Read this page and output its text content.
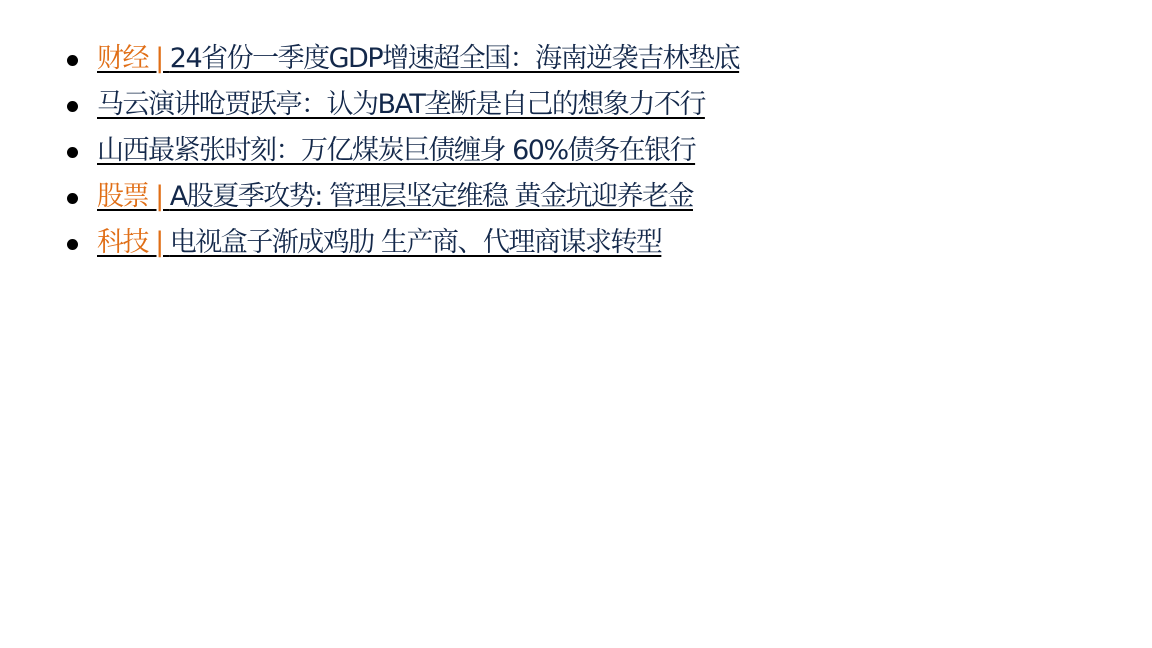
财经 | 24省份一季度GDP增速超全国：海南逆袭吉林垫底
马云演讲呛贾跃亭：认为BAT垄断是自己的想象力不行
山西最紧张时刻：万亿煤炭巨债缠身 60%债务在银行
股票 | A股夏季攻势: 管理层坚定维稳 黄金坑迎养老金
科技 | 电视盒子渐成鸡肋 生产商、代理商谋求转型
